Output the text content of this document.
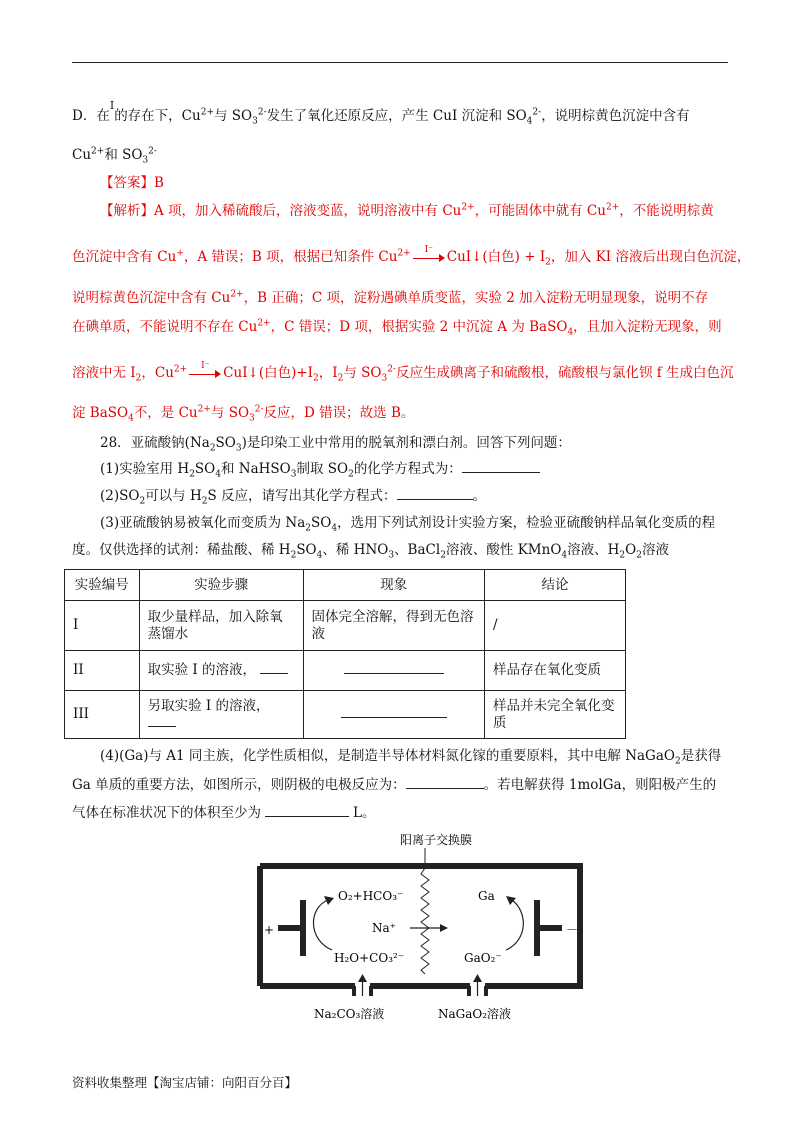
D．在$^I$的存在下，$Cu^{2+}$与 $SO_3^{2-}$发生了氧化还原反应，产生 CuI 沉淀和 $SO_4^{2-}$，说明棕黄色沉淀中含有
$Cu^{2+}$和 $SO_3^{2-}$
【答案】B
【解析】A 项，加入稀硫酸后，溶液变蓝，说明溶液中有 $Cu^{2+}$，可能固体中就有 $Cu^{2+}$，不能说明棕黄
色沉淀中含有 Cu+，A 错误；B 项，根据已知条件 $Cu^{2+}$ I⁻ CuI↓(白色) + $I_2$，加入 KI 溶液后出现白色沉淀，
说明棕黄色沉淀中含有 $Cu^{2+}$，B 正确；C 项，淀粉遇碘单质变蓝，实验 2 加入淀粉无明显现象，说明不存
在碘单质，不能说明不存在 $Cu^{2+}$，C 错误；D 项，根据实验 2 中沉淀 A 为 BaSO$_4$，且加入淀粉无现象，则
溶液中无 $I_2$，$Cu^{2+}$ I⁻ CuI↓(白色)$+I_2$，$I_2$与 $SO_3^{2-}$反应生成碘离子和硫酸根，硫酸根与氯化钡 f 生成白色沉
淀 BaSO$_4$不，是 $Cu^{2+}$与 $SO_3^{2-}$反应，D 错误；故选 B。
28．亚硫酸钠$(Na_2SO_3)$是印染工业中常用的脱氧剂和漂白剂。回答下列问题：
(1)实验室用 $H_2SO_4$和 NaHSO$_3$制取 $SO_2$的化学方程式为：
$(2)SO_2$可以与 $H_2S$ 反应，请写出其化学方程式：	。
(3)亚硫酸钠易被氧化而变质为 $Na_2SO_4$，选用下列试剂设计实验方案，检验亚硫酸钠样品氧化变质的程
度。仅供选择的试剂：稀盐酸、稀 $H_2SO_4$、稀 $HNO_3$、BaCl$_2$溶液、酸性 KMnO$_4$溶液、$H_2O_2$溶液
实验编号	实验步骤	现象	结论
I	取少量样品，加入除氧蒸馏水	固体完全溶解，得到无色溶液	/
II	取实验 I 的溶液，		样品存在氧化变质
III	另取实验 I 的溶液，		样品并未完全氧化变质
(4)(Ga)与 A1 同主族，化学性质相似，是制造半导体材料氮化镓的重要原料，其中电解 NaGaO$_2$是获得
Ga 单质的重要方法，如图所示，则阴极的电极反应为：	。若电解获得 1molGa，则阳极产生的
气体在标准状况下的体积至少为	L。
阳离子交换膜
+	－
O₂+HCO₃⁻
H₂O+CO₃²⁻
Na⁺
Ga
GaO₂⁻
Na₂CO₃溶液	NaGaO₂溶液
资料收集整理【淘宝店铺：向阳百分百】
